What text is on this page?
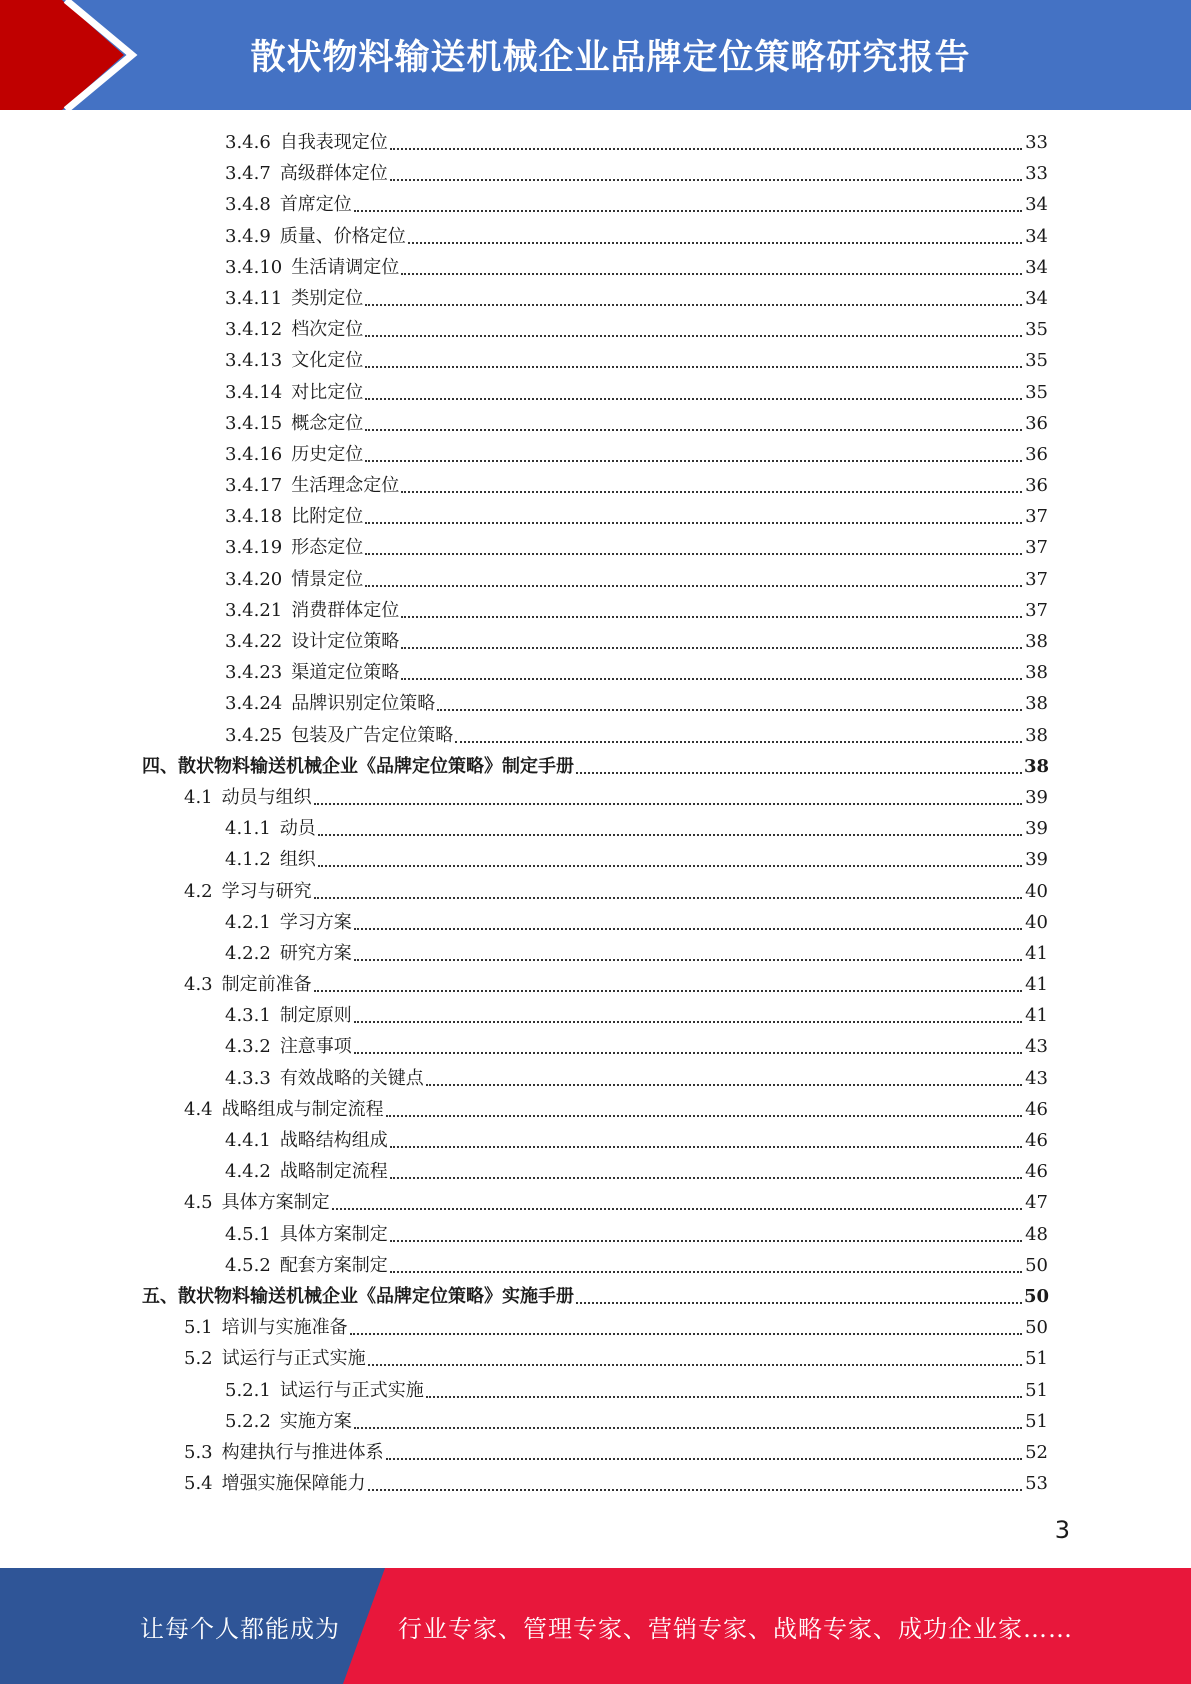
散状物料输送机械企业品牌定位策略研究报告
3.4.6 自我表现定位	33
3.4.7 高级群体定位	33
3.4.8 首席定位	34
3.4.9 质量、价格定位	34
3.4.10 生活请调定位	34
3.4.11 类别定位	34
3.4.12 档次定位	35
3.4.13 文化定位	35
3.4.14 对比定位	35
3.4.15 概念定位	36
3.4.16 历史定位	36
3.4.17 生活理念定位	36
3.4.18 比附定位	37
3.4.19 形态定位	37
3.4.20 情景定位	37
3.4.21 消费群体定位	37
3.4.22 设计定位策略	38
3.4.23 渠道定位策略	38
3.4.24 品牌识别定位策略	38
3.4.25 包装及广告定位策略	38
四、散状物料输送机械企业《品牌定位策略》制定手册	38
4.1 动员与组织	39
4.1.1 动员	39
4.1.2 组织	39
4.2 学习与研究	40
4.2.1 学习方案	40
4.2.2 研究方案	41
4.3 制定前准备	41
4.3.1 制定原则	41
4.3.2 注意事项	43
4.3.3 有效战略的关键点	43
4.4 战略组成与制定流程	46
4.4.1 战略结构组成	46
4.4.2 战略制定流程	46
4.5 具体方案制定	47
4.5.1 具体方案制定	48
4.5.2 配套方案制定	50
五、散状物料输送机械企业《品牌定位策略》实施手册	50
5.1 培训与实施准备	50
5.2 试运行与正式实施	51
5.2.1 试运行与正式实施	51
5.2.2 实施方案	51
5.3 构建执行与推进体系	52
5.4 增强实施保障能力	53
3
让每个人都能成为 行业专家、管理专家、营销专家、战略专家、成功企业家……
